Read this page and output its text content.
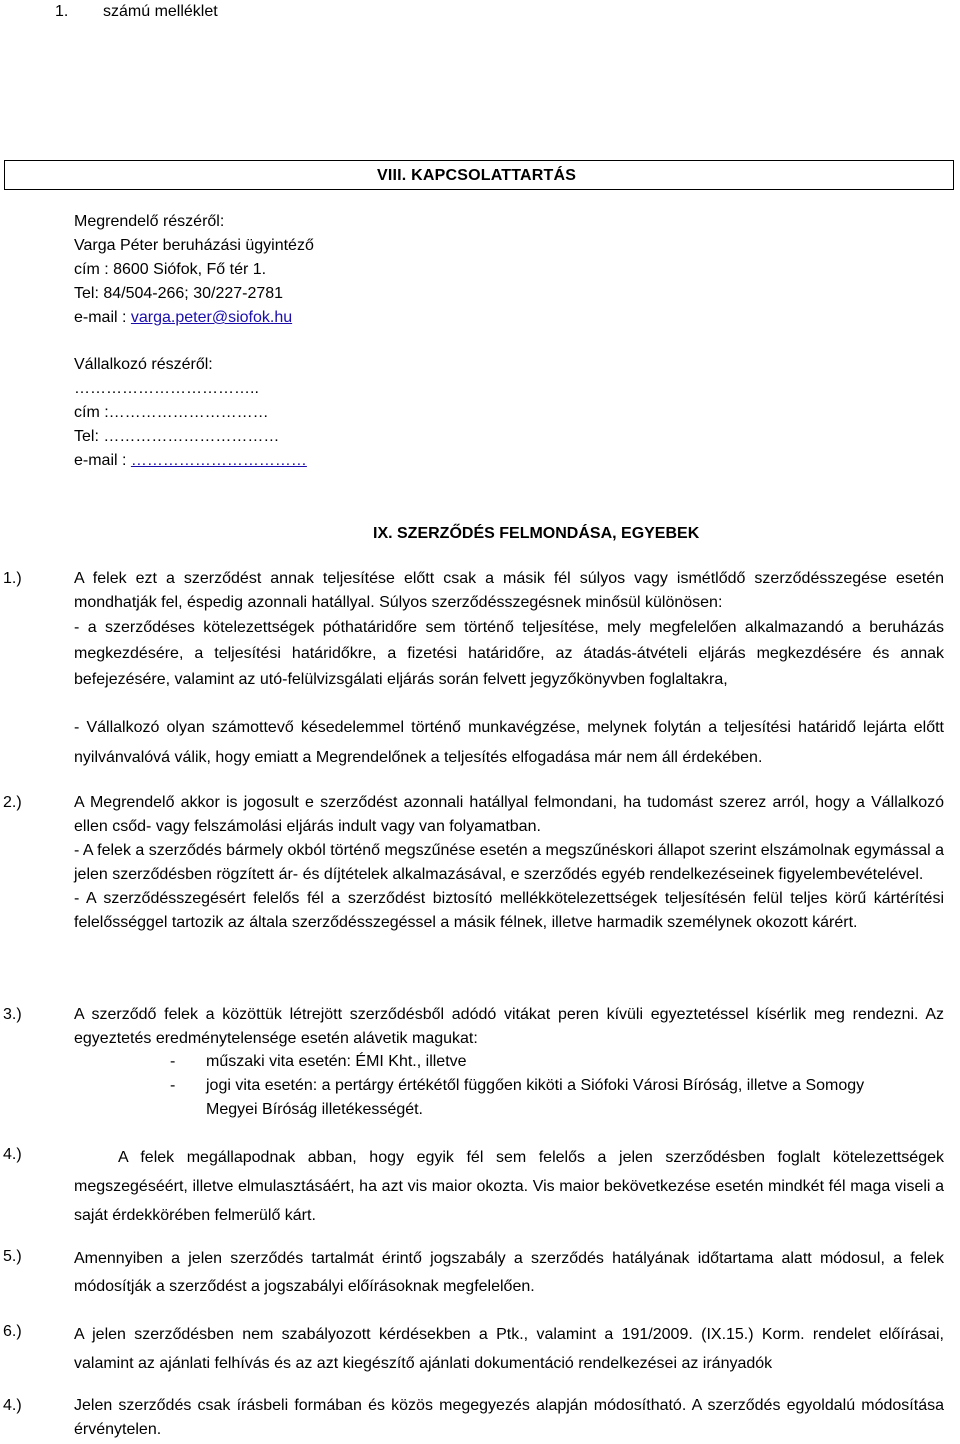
1. számú melléklet
VIII. KAPCSOLATTARTÁS
Megrendelő részéről:
Varga Péter beruházási ügyintéző
cím : 8600 Siófok, Fő tér 1.
Tel: 84/504-266; 30/227-2781
e-mail : varga.peter@siofok.hu
Vállalkozó részéről:
……………………………..
cím :…………………………
Tel: ……………………………
e-mail : ……………………………
IX. SZERZŐDÉS FELMONDÁSA, EGYEBEK
1.)	A felek ezt a szerződést annak teljesítése előtt csak a másik fél súlyos vagy ismétlődő szerződésszegése esetén mondhatják fel, éspedig azonnali hatállyal. Súlyos szerződésszegésnek minősül különösen:

- a szerződéses kötelezettségek póthatáridőre sem történő teljesítése, mely megfelelően alkalmazandó a beruházás megkezdésére, a teljesítési határidőkre, a fizetési határidőre, az átadás-átvételi eljárás megkezdésére és annak befejezésére, valamint az utó-felülvizsgálati eljárás során felvett jegyzőkönyvben foglaltakra,

- Vállalkozó olyan számottevő késedelemmel történő munkavégzése, melynek folytán a teljesítési határidő lejárta előtt nyilvánvalóvá válik, hogy emiatt a Megrendelőnek a teljesítés elfogadása már nem áll érdekében.

2.)	A Megrendelő akkor is jogosult e szerződést azonnali hatállyal felmondani, ha tudomást szerez arról, hogy a Vállalkozó ellen csőd- vagy felszámolási eljárás indult vagy van folyamatban.

- A felek a szerződés bármely okból történő megszűnése esetén a megszűnéskori állapot szerint elszámolnak egymással a jelen szerződésben rögzített ár- és díjtételek alkalmazásával, e szerződés egyéb rendelkezéseinek figyelembevételével.

- A szerződésszegésért felelős fél a szerződést biztosító mellékkötelezettségek teljesítésén felül teljes körű kártérítési felelősséggel tartozik az általa szerződésszegéssel a másik félnek, illetve harmadik személynek okozott kárért.

3.)	A szerződő felek a közöttük létrejött szerződésből adódó vitákat peren kívüli egyeztetéssel kísérlik meg rendezni. Az egyeztetés eredménytelensége esetén alávetik magukat:

- műszaki vita esetén: ÉMI Kht., illetve
- jogi vita esetén: a pertárgy értékétől függően kiköti a Siófoki Városi Bíróság, illetve a Somogy Megyei Bíróság illetékességét.
4.)	A felek megállapodnak abban, hogy egyik fél sem felelős a jelen szerződésben foglalt kötelezettségek megszegéséért, illetve elmulasztásáért, ha azt vis maior okozta. Vis maior bekövetkezése esetén mindkét fél maga viseli a saját érdekkörében felmerülő kárt.

5.)	Amennyiben a jelen szerződés tartalmát érintő jogszabály a szerződés hatályának időtartama alatt módosul, a felek módosítják a szerződést a jogszabályi előírásoknak megfelelően.

6.)	A jelen szerződésben nem szabályozott kérdésekben a Ptk., valamint a 191/2009. (IX.15.) Korm. rendelet előírásai, valamint az ajánlati felhívás és az azt kiegészítő ajánlati dokumentáció rendelkezései az irányadók

4.)	Jelen szerződés csak írásbeli formában és közös megegyezés alapján módosítható. A szerződés egyoldalú módosítása érvénytelen.
